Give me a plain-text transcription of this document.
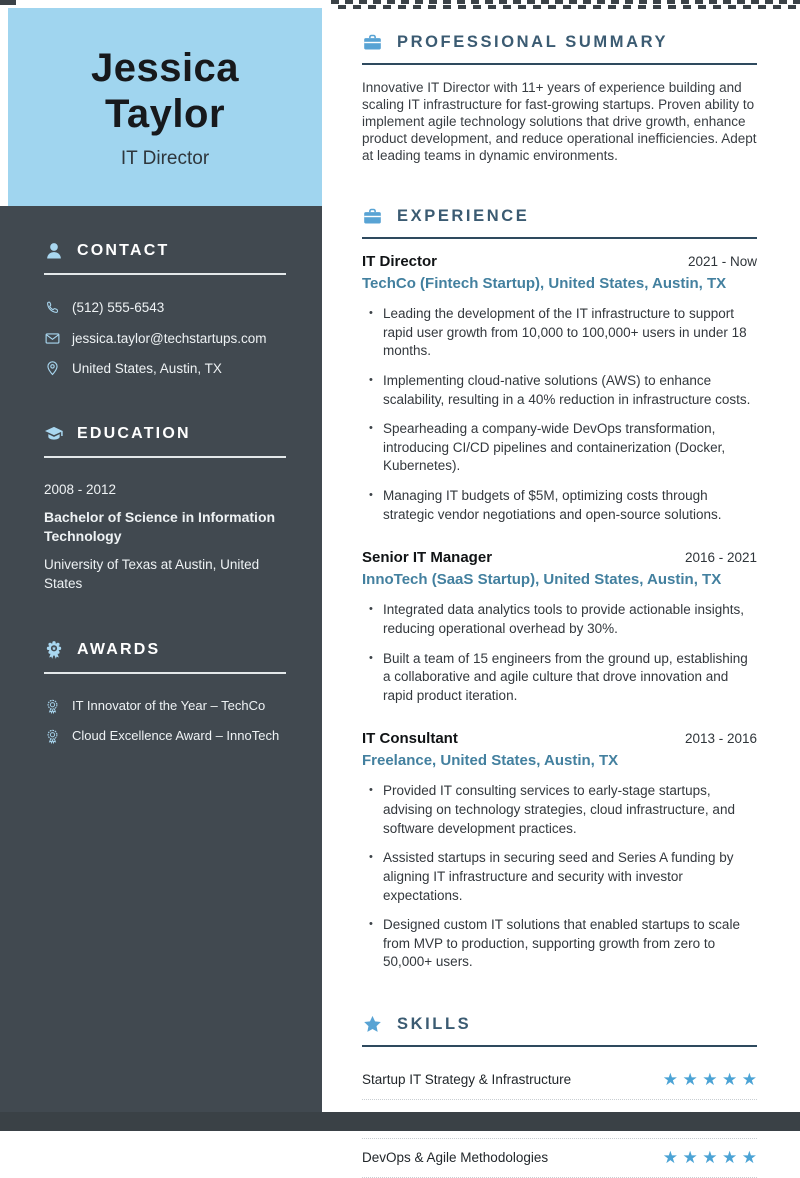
Jessica Taylor
IT Director
CONTACT
(512) 555-6543
jessica.taylor@techstartups.com
United States, Austin, TX
EDUCATION
2008 - 2012
Bachelor of Science in Information Technology
University of Texas at Austin, United States
AWARDS
IT Innovator of the Year – TechCo
Cloud Excellence Award – InnoTech
PROFESSIONAL SUMMARY

Innovative IT Director with 11+ years of experience building and scaling IT infrastructure for fast-growing startups. Proven ability to implement agile technology solutions that drive growth, enhance product development, and reduce operational inefficiencies. Adept at leading teams in dynamic environments.

EXPERIENCE
IT Director	2021 - Now
TechCo (Fintech Startup), United States, Austin, TX
• Leading the development of the IT infrastructure to support rapid user growth from 10,000 to 100,000+ users in under 18 months.
• Implementing cloud-native solutions (AWS) to enhance scalability, resulting in a 40% reduction in infrastructure costs.
• Spearheading a company-wide DevOps transformation, introducing CI/CD pipelines and containerization (Docker, Kubernetes).
• Managing IT budgets of $5M, optimizing costs through strategic vendor negotiations and open-source solutions.
Senior IT Manager	2016 - 2021
InnoTech (SaaS Startup), United States, Austin, TX
• Integrated data analytics tools to provide actionable insights, reducing operational overhead by 30%.
• Built a team of 15 engineers from the ground up, establishing a collaborative and agile culture that drove innovation and rapid product iteration.
IT Consultant	2013 - 2016
Freelance, United States, Austin, TX
• Provided IT consulting services to early-stage startups, advising on technology strategies, cloud infrastructure, and software development practices.
• Assisted startups in securing seed and Series A funding by aligning IT infrastructure and security with investor expectations.
• Designed custom IT solutions that enabled startups to scale from MVP to production, supporting growth from zero to 50,000+ users.
SKILLS
Startup IT Strategy & Infrastructure	★★★★★
DevOps & Agile Methodologies	★★★★★
